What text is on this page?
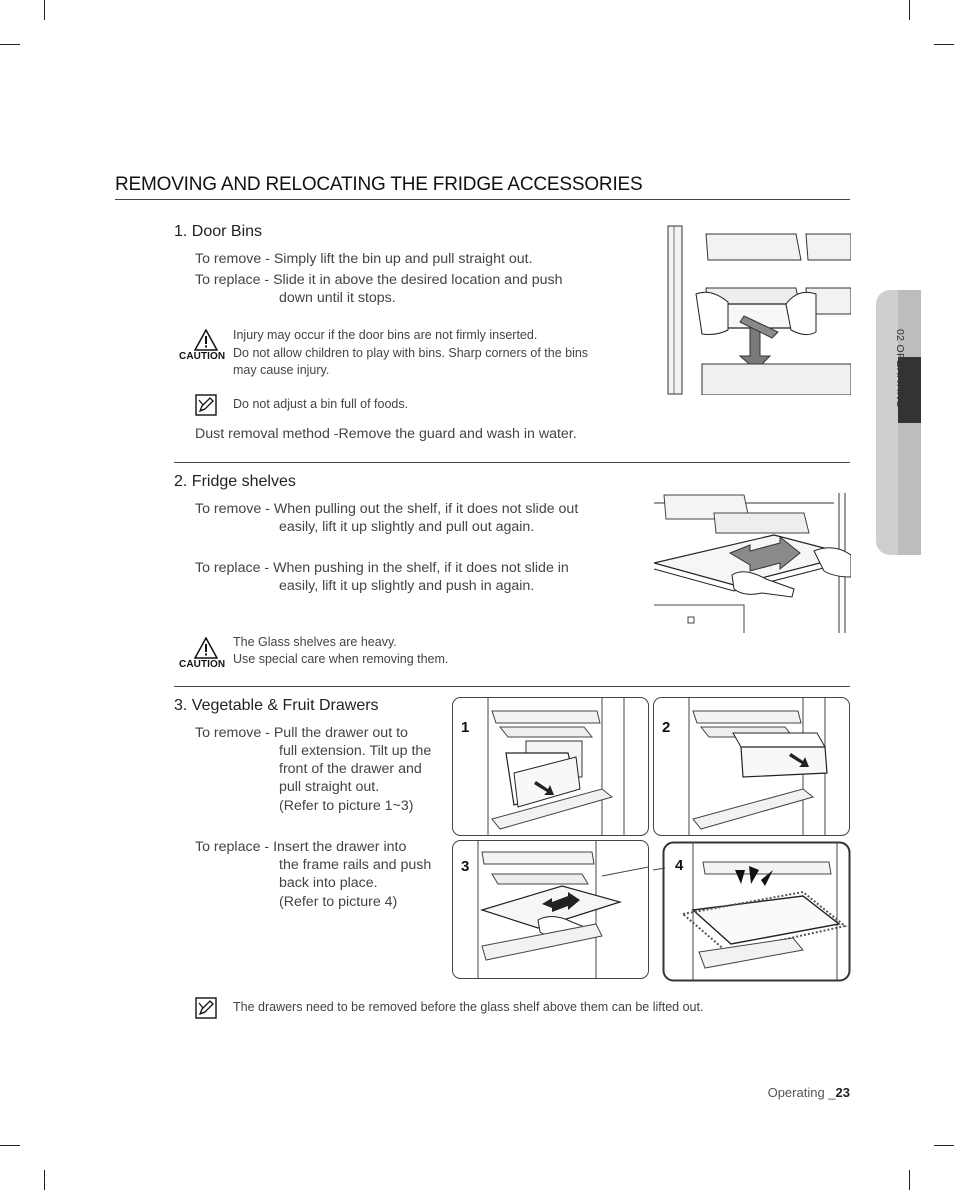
02 OPERATING
REMOVING AND RELOCATING THE FRIDGE ACCESSORIES
1. Door Bins
To remove - Simply lift the bin up and pull straight out.
To replace - Slide it in above the desired location and push
down until it stops.
CAUTION
Injury may occur if the door bins are not firmly inserted.
Do not allow children to play with bins. Sharp corners of the bins
may cause injury.
Do not adjust a bin full of foods.
Dust removal method -Remove the guard and wash in water.
2. Fridge shelves
To remove - When pulling out the shelf, if it does not slide out
easily, lift it up slightly and pull out again.
To replace - When pushing in the shelf, if it does not slide in
easily, lift it up slightly and push in again.
CAUTION
The Glass shelves are heavy.
Use special care when removing them.
3. Vegetable & Fruit Drawers
To remove - Pull the drawer out to
full extension. Tilt up the
front of the drawer and
pull straight out.
(Refer to picture 1~3)
To replace - Insert the drawer into
the frame rails and push
back into place.
(Refer to picture 4)
1	2
3	4
The drawers need to be removed before the glass shelf above them can be lifted out.
Operating _23
